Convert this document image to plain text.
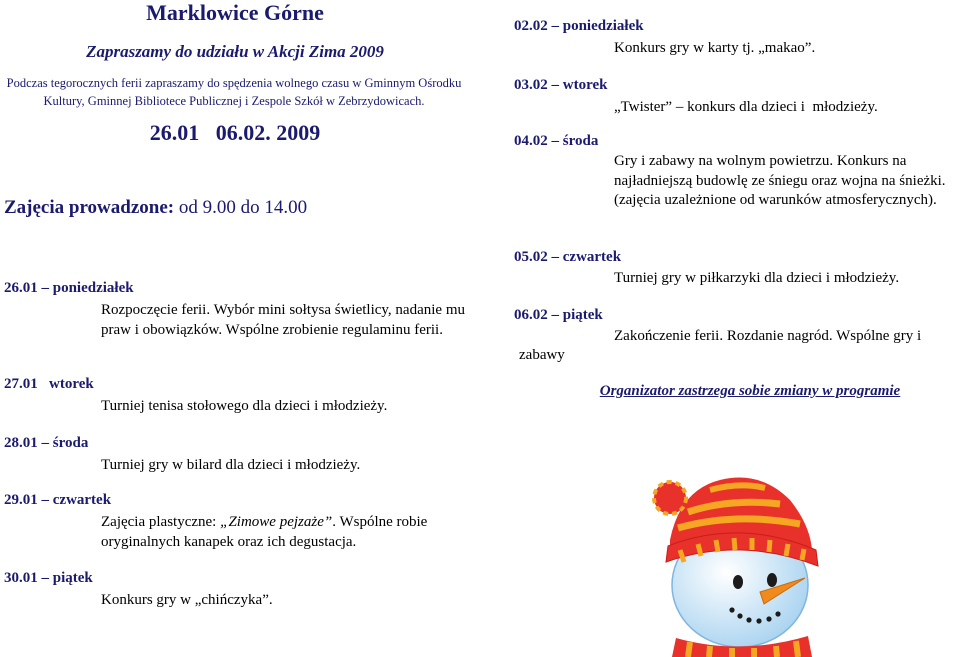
Marklowice Górne
Zapraszamy do udziału w Akcji Zima 2009
Podczas tegorocznych ferii zapraszamy do spędzenia wolnego czasu w Gminnym Ośrodku Kultury, Gminnej Bibliotece Publicznej i Zespole Szkół w Zebrzydowicach.
26.01   06.02. 2009
Zajęcia prowadzone: od 9.00 do 14.00
26.01 – poniedziałek
Rozpoczęcie ferii. Wybór mini sołtysa świetlicy, nadanie mu praw i obowiązków. Wspólne zrobienie regulaminu ferii.
27.01   wtorek
Turniej tenisa stołowego dla dzieci i młodzieży.
28.01 – środa
Turniej gry w bilard dla dzieci i młodzieży.
29.01 – czwartek
Zajęcia plastyczne: „Zimowe pejzaże”. Wspólne robie oryginalnych kanapek oraz ich degustacja.
30.01 – piątek
Konkurs gry w „chińczyka”.
02.02 – poniedziałek
Konkurs gry w karty tj. „makao”.
03.02 – wtorek
„Twister” – konkurs dla dzieci i  młodzieży.
04.02 – środa
Gry i zabawy na wolnym powietrzu. Konkurs na najładniejszą budowlę ze śniegu oraz wojna na śnieżki. (zajęcia uzależnione od warunków atmosferycznych).
05.02 – czwartek
Turniej gry w piłkarzyki dla dzieci i młodzieży.
06.02 – piątek
Zakończenie ferii. Rozdanie nagród. Wspólne gry i
zabawy
Organizator zastrzega sobie zmiany w programie
